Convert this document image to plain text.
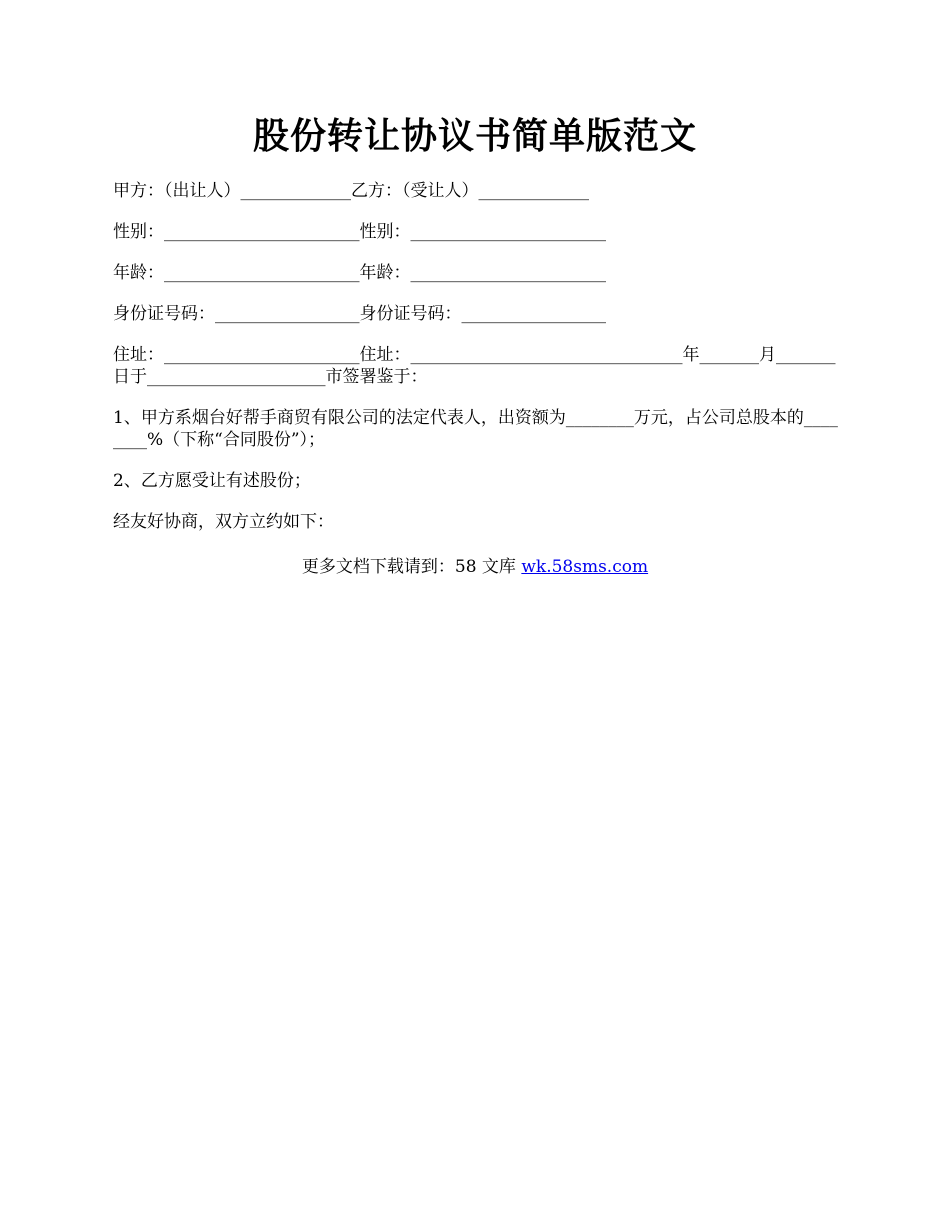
股份转让协议书简单版范文

甲方：（出让人）_____________乙方：（受让人）_____________

性别：_______________________性别：_______________________

年龄：_______________________年龄：_______________________

身份证号码：_________________身份证号码：_________________

住址：_______________________住址：________________________________年_______月_______日于_____________________市签署鉴于：

1、甲方系烟台好帮手商贸有限公司的法定代表人，出资额为________万元，占公司总股本的________%（下称“合同股份”）；

2、乙方愿受让有述股份；

经友好协商，双方立约如下：

更多文档下载请到：58 文库 wk.58sms.com
